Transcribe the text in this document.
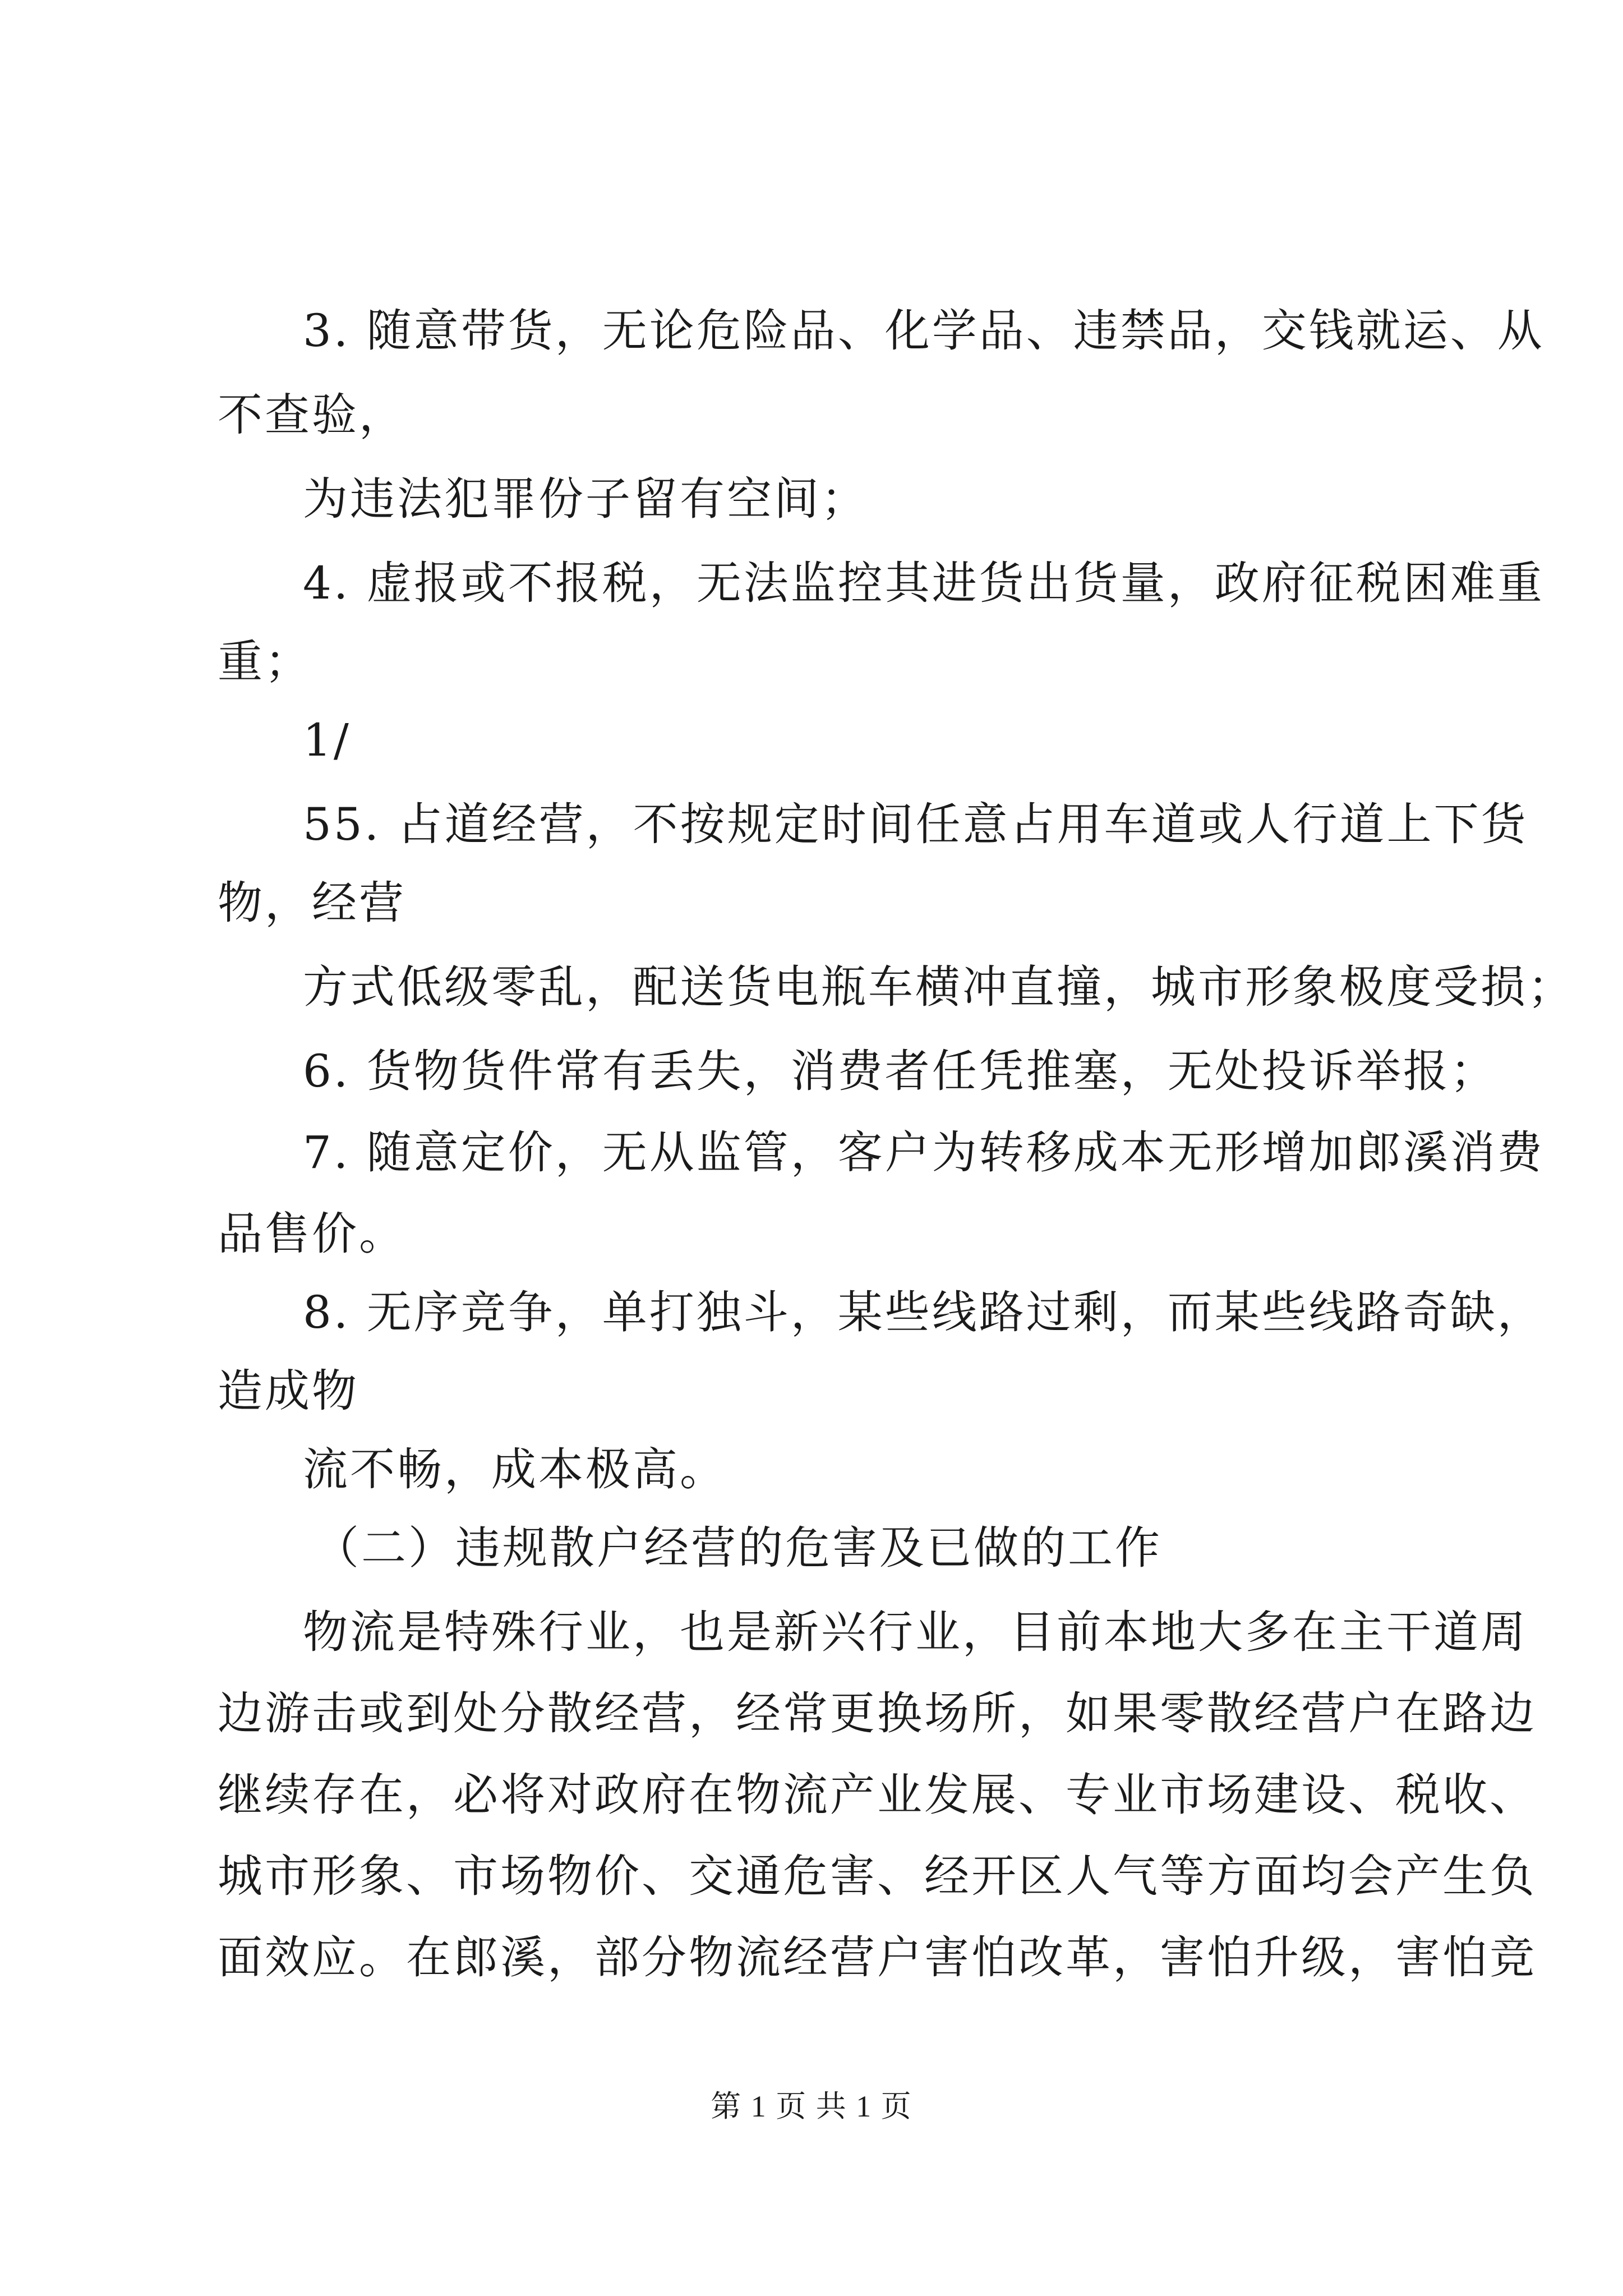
3. 随意带货，无论危险品、化学品、违禁品，交钱就运、从
不查验，
为违法犯罪份子留有空间；
4. 虚报或不报税，无法监控其进货出货量，政府征税困难重
重；
1/
55. 占道经营，不按规定时间任意占用车道或人行道上下货
物，经营
方式低级零乱，配送货电瓶车横冲直撞，城市形象极度受损；
6. 货物货件常有丢失，消费者任凭推塞，无处投诉举报；
7. 随意定价，无从监管，客户为转移成本无形增加郎溪消费
品售价。
8. 无序竞争，单打独斗，某些线路过剩，而某些线路奇缺，
造成物
流不畅，成本极高。
（二）违规散户经营的危害及已做的工作
物流是特殊行业，也是新兴行业，目前本地大多在主干道周
边游击或到处分散经营，经常更换场所，如果零散经营户在路边
继续存在，必将对政府在物流产业发展、专业市场建设、税收、
城市形象、市场物价、交通危害、经开区人气等方面均会产生负
面效应。在郎溪，部分物流经营户害怕改革，害怕升级，害怕竞
第 1 页 共 1 页
